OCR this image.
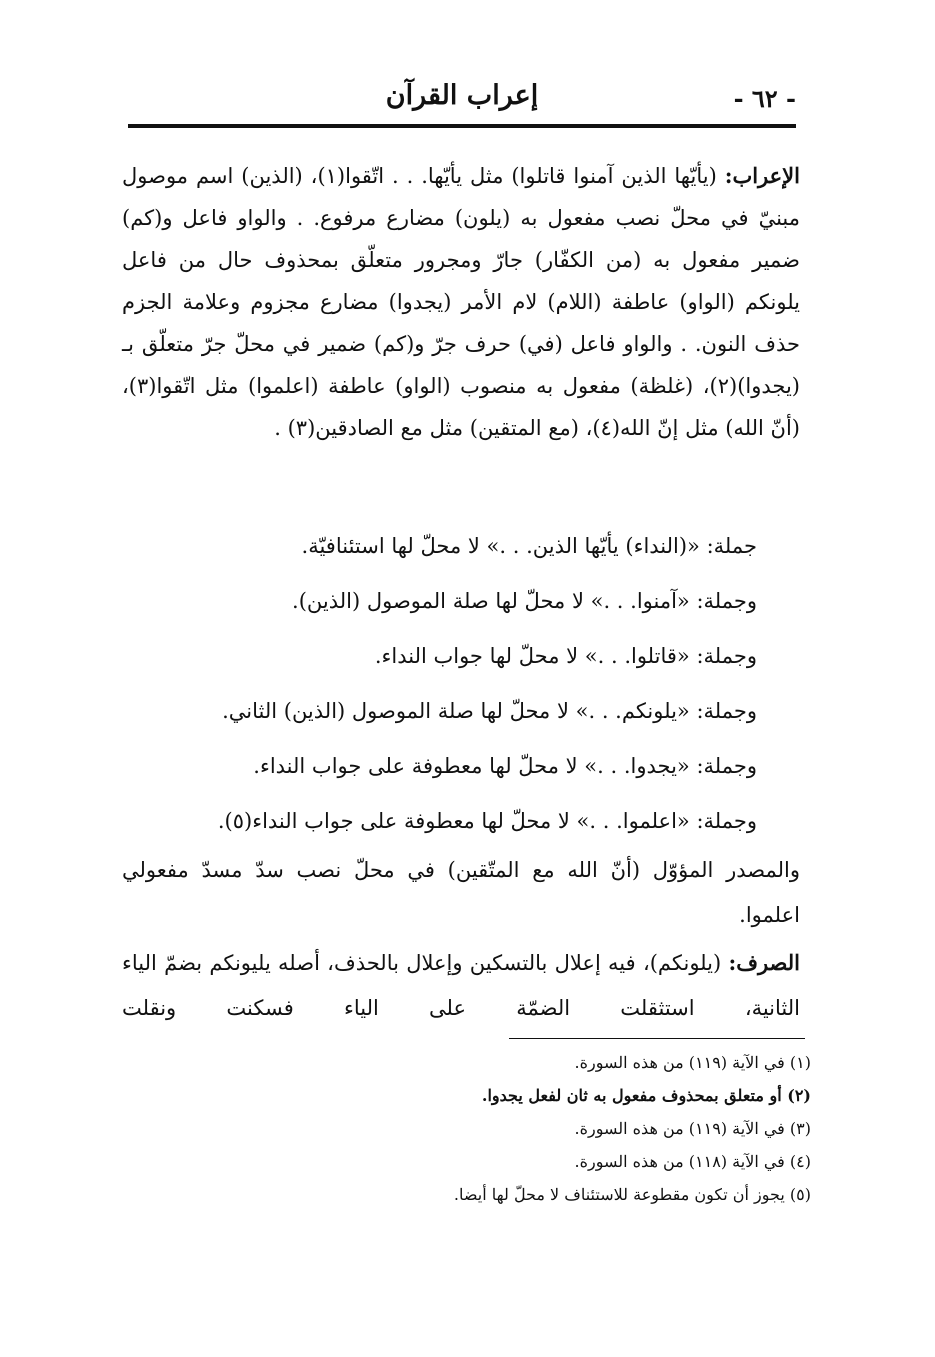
- ٦٢ -
إعراب القرآن

الإعراب: (يأيّها الذين آمنوا قاتلوا) مثل يأيّها. . . اتّقوا(١)، (الذين) اسم موصول مبنيّ في محلّ نصب مفعول به (يلون) مضارع مرفوع. . والواو فاعل و(كم) ضمير مفعول به (من الكفّار) جارّ ومجرور متعلّق بمحذوف حال من فاعل يلونكم (الواو) عاطفة (اللام) لام الأمر (يجدوا) مضارع مجزوم وعلامة الجزم حذف النون. . والواو فاعل (في) حرف جرّ و(كم) ضمير في محلّ جرّ متعلّق بـ (يجدوا)(٢)، (غلظة) مفعول به منصوب (الواو) عاطفة (اعلموا) مثل اتّقوا(٣)، (أنّ الله) مثل إنّ الله(٤)، (مع المتقين) مثل مع الصادقين(٣) .

جملة: «(النداء) يأيّها الذين. . .» لا محلّ لها استئنافيّة.
وجملة: «آمنوا. . .» لا محلّ لها صلة الموصول (الذين).
وجملة: «قاتلوا. . .» لا محلّ لها جواب النداء.
وجملة: «يلونكم. . .» لا محلّ لها صلة الموصول (الذين) الثاني.
وجملة: «يجدوا. . .» لا محلّ لها معطوفة على جواب النداء.
وجملة: «اعلموا. . .» لا محلّ لها معطوفة على جواب النداء(٥).
والمصدر المؤوّل (أنّ الله مع المتّقين) في محلّ نصب سدّ مسدّ مفعولي اعلموا.
الصرف: (يلونكم)، فيه إعلال بالتسكين وإعلال بالحذف، أصله يليونكم بضمّ الياء الثانية، استثقلت الضمّة على الياء فسكنت ونقلت
(١) في الآية (١١٩) من هذه السورة.
(٢) أو متعلق بمحذوف مفعول به ثان لفعل يجدوا.
(٣) في الآية (١١٩) من هذه السورة.
(٤) في الآية (١١٨) من هذه السورة.
(٥) يجوز أن تكون مقطوعة للاستئناف لا محلّ لها أيضا.
